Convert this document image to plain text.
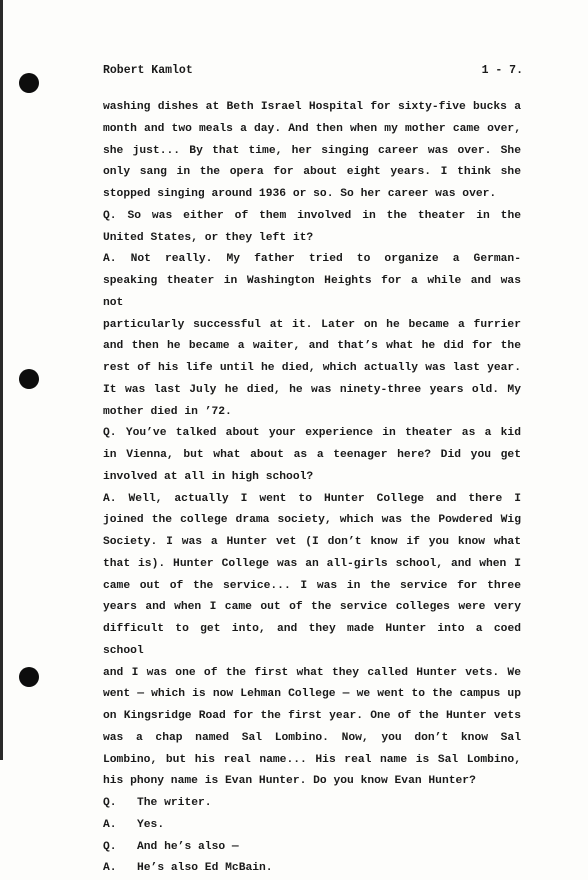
Robert Kamlot	1 - 7.
washing dishes at Beth Israel Hospital for sixty-five bucks a
month and two meals a day. And then when my mother came over,
she just... By that time, her singing career was over. She
only sang in the opera for about eight years. I think she
stopped singing around 1936 or so. So her career was over.
Q. So was either of them involved in the theater in the
United States, or they left it?
A. Not really. My father tried to organize a German-
speaking theater in Washington Heights for a while and was not
particularly successful at it. Later on he became a furrier
and then he became a waiter, and that’s what he did for the
rest of his life until he died, which actually was last year.
It was last July he died, he was ninety-three years old. My
mother died in ’72.
Q. You’ve talked about your experience in theater as a kid
in Vienna, but what about as a teenager here? Did you get
involved at all in high school?
A. Well, actually I went to Hunter College and there I
joined the college drama society, which was the Powdered Wig
Society. I was a Hunter vet (I don’t know if you know what
that is). Hunter College was an all-girls school, and when I
came out of the service... I was in the service for three
years and when I came out of the service colleges were very
difficult to get into, and they made Hunter into a coed school
and I was one of the first what they called Hunter vets. We
went — which is now Lehman College — we went to the campus up
on Kingsridge Road for the first year. One of the Hunter vets
was a chap named Sal Lombino. Now, you don’t know Sal
Lombino, but his real name... His real name is Sal Lombino,
his phony name is Evan Hunter. Do you know Evan Hunter?
Q.	The writer.
A.	Yes.
Q.	And he’s also —
A.	He’s also Ed McBain.
